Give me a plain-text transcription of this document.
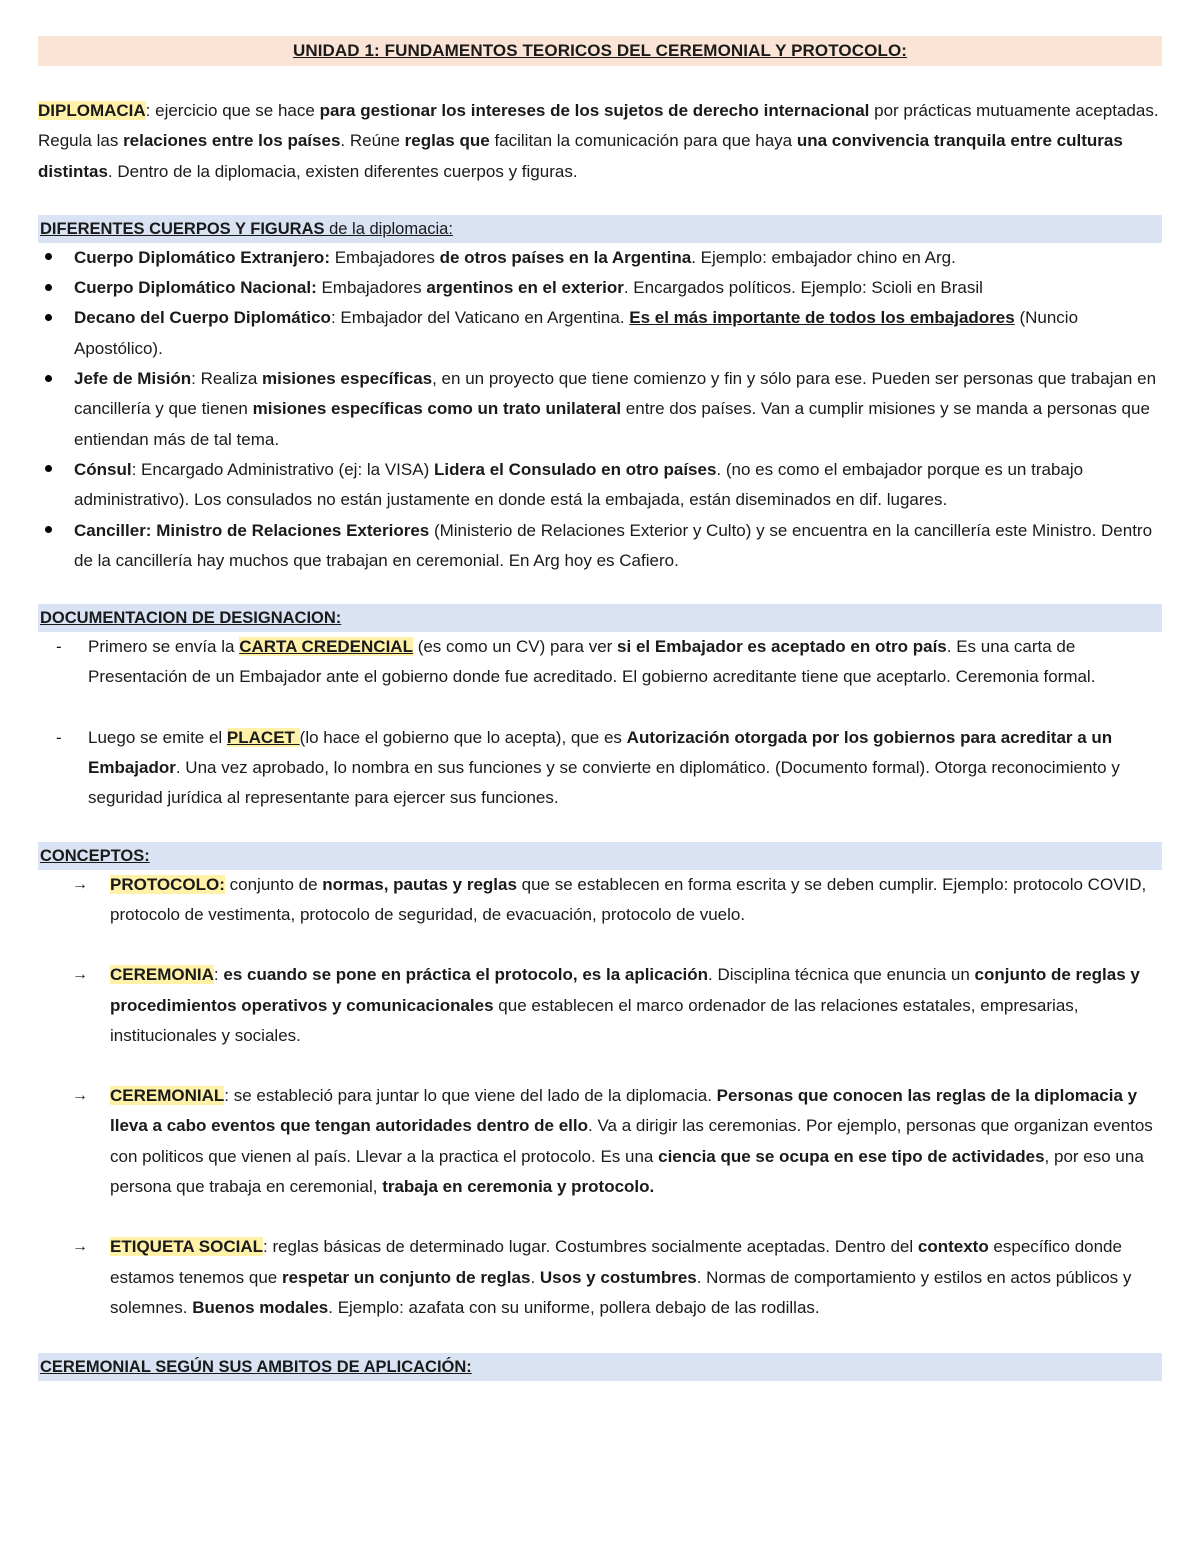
UNIDAD 1: FUNDAMENTOS TEORICOS DEL CEREMONIAL Y PROTOCOLO:

DIPLOMACIA: ejercicio que se hace para gestionar los intereses de los sujetos de derecho internacional por prácticas mutuamente aceptadas. Regula las relaciones entre los países. Reúne reglas que facilitan la comunicación para que haya una convivencia tranquila entre culturas distintas. Dentro de la diplomacia, existen diferentes cuerpos y figuras.

DIFERENTES CUERPOS Y FIGURAS de la diplomacia:
Cuerpo Diplomático Extranjero: Embajadores de otros países en la Argentina. Ejemplo: embajador chino en Arg.
Cuerpo Diplomático Nacional: Embajadores argentinos en el exterior. Encargados políticos. Ejemplo: Scioli en Brasil
Decano del Cuerpo Diplomático: Embajador del Vaticano en Argentina. Es el más importante de todos los embajadores (Nuncio Apostólico).
Jefe de Misión: Realiza misiones específicas, en un proyecto que tiene comienzo y fin y sólo para ese. Pueden ser personas que trabajan en cancillería y que tienen misiones específicas como un trato unilateral entre dos países. Van a cumplir misiones y se manda a personas que entiendan más de tal tema.
Cónsul: Encargado Administrativo (ej: la VISA) Lidera el Consulado en otro países. (no es como el embajador porque es un trabajo administrativo). Los consulados no están justamente en donde está la embajada, están diseminados en dif. lugares.
Canciller: Ministro de Relaciones Exteriores (Ministerio de Relaciones Exterior y Culto) y se encuentra en la cancillería este Ministro. Dentro de la cancillería hay muchos que trabajan en ceremonial. En Arg hoy es Cafiero.
DOCUMENTACION DE DESIGNACION:
- Primero se envía la CARTA CREDENCIAL (es como un CV) para ver si el Embajador es aceptado en otro país. Es una carta de Presentación de un Embajador ante el gobierno donde fue acreditado. El gobierno acreditante tiene que aceptarlo. Ceremonia formal.
- Luego se emite el PLACET (lo hace el gobierno que lo acepta), que es Autorización otorgada por los gobiernos para acreditar a un Embajador. Una vez aprobado, lo nombra en sus funciones y se convierte en diplomático. (Documento formal). Otorga reconocimiento y seguridad jurídica al representante para ejercer sus funciones.
CONCEPTOS:
→ PROTOCOLO: conjunto de normas, pautas y reglas que se establecen en forma escrita y se deben cumplir. Ejemplo: protocolo COVID, protocolo de vestimenta, protocolo de seguridad, de evacuación, protocolo de vuelo.
→ CEREMONIA: es cuando se pone en práctica el protocolo, es la aplicación. Disciplina técnica que enuncia un conjunto de reglas y procedimientos operativos y comunicacionales que establecen el marco ordenador de las relaciones estatales, empresarias, institucionales y sociales.
→ CEREMONIAL: se estableció para juntar lo que viene del lado de la diplomacia. Personas que conocen las reglas de la diplomacia y lleva a cabo eventos que tengan autoridades dentro de ello. Va a dirigir las ceremonias. Por ejemplo, personas que organizan eventos con politicos que vienen al país. Llevar a la practica el protocolo. Es una ciencia que se ocupa en ese tipo de actividades, por eso una persona que trabaja en ceremonial, trabaja en ceremonia y protocolo.
→ ETIQUETA SOCIAL: reglas básicas de determinado lugar. Costumbres socialmente aceptadas. Dentro del contexto específico donde estamos tenemos que respetar un conjunto de reglas. Usos y costumbres. Normas de comportamiento y estilos en actos públicos y solemnes. Buenos modales. Ejemplo: azafata con su uniforme, pollera debajo de las rodillas.
CEREMONIAL SEGÚN SUS AMBITOS DE APLICACIÓN:
